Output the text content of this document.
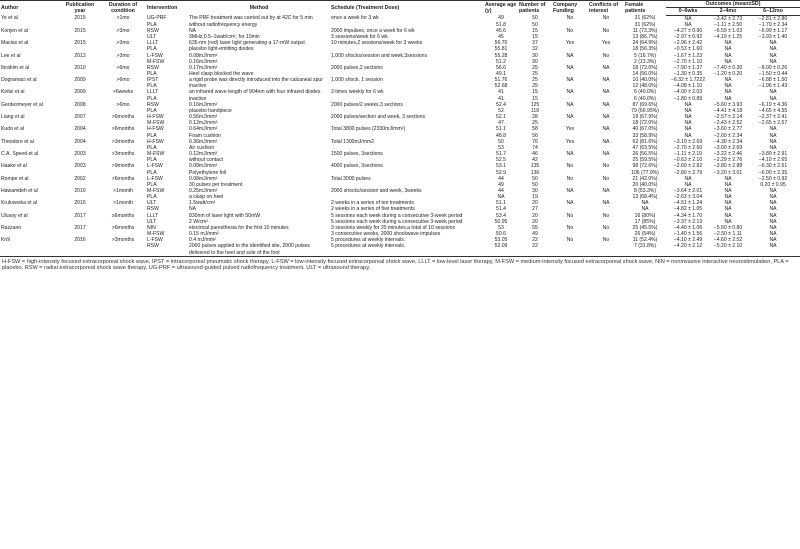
Author	Publication year	Duration of condition	Intervention	Method	Schedule (Treatment Dose)	Average age (y)	Number of patients	Company Funding	Conflicts of interest	Female patients	Outcomes (mean±SD)		
											0–6wks	2–4mo	6–12mo
Ye et al	2015	>1mo	UG-PRF	The PRF treatment was carried out by at 42C for 5 min	once a week for 3 wk	49	50	No	No	31 (62%)	NA	−3.42 ± 2.73	−2.81 ± 2.80
			PLA	without radiofrequency energy		51.8	50			31 (62%)	NA	−1.11 ± 2.50	−1.70 ± 2.34
Konjen et al	2015	>3mo	RSW	NA	2000 impulses, once a week for 6 wk	45.6	15	No	No	11 (73.3%)	−4.27 ± 0.90	−6.59 ± 1.03	−6.99 ± 1.17
			ULT	3MHz,0.5–1watt/cm², for 10min	3 sessions/week for 6 wk	45	15			13 (86.7%)	−2.97 ± 0.92	−4.19 ± 1.25	−3.93 ± 1.40
Macias et al	2015	>3mo	LLLT	635-nm (red) laser light generating a 17-mW output	10 minutes,2 sessions/week for 3 weeks	56.70	37	Yes	Yes	24 (64.9%)	−2.96 ± 2.42	NA	NA
			PLA	placebo light-emitting diodes		55.81	32			18 (56.3%)	−0.53 ± 1.60	NA	NA
Lee et al	2013	>3mo	L-FSW	0.08mJ/mm²	1,000 shocks/session and week,3sessions	55.28	30	NA	No	5 (16.7%)	−1.67 ± 1.23	NA	NA
			M-FSW	0.16mJ/mm²		51.2	30			2 (13.3%)	−2.70 ± 1.10	NA	NA
Ibrahim et al	2010	>6mo	RSW	0.17mJ/mm²	2000 pulses,2 sections	56.6	25	NA	NA	18 (72.0%)	−7.90 ± 1.37	−7.40 ± 0.30	−8.00 ± 0.26
			PLA	Heel clasp blocked the wave		49.1	25			14 (56.0%)	−1.30 ± 0.35	−1.20 ± 0.20	−1.50 ± 0.44
Dogramaci et al	2009	>6mo	IPST	a rigid probe was directly introduced into the calcaneal spur	1,000 shock, 1 session	51.76	25	NA	NA	10 (40.0%)	−6.32 ± 1.7222	NA	−6.88 ± 1.50
			PLA	inactive		52.68	25			12 (48.0%)	−4.08 ± 1.10	NA	−1.96 ± 1.43
Kiritsi et al	2009	>6weeks	LLLT	an infrared wave length of 904nm with four infrared diodes	3 times weekly for 6 wk	41	15	NA	NA	6 (40.0%)	−4.00 ± 2.03	NA	NA
			PLA	inactive		41	15			6 (40.0%)	−1.80 ± 0.89	NA	NA
Gerdesmeyer et al	2008	>6mo	RSW	0.16mJ/mm²	2000 pulses/2 weeks,3 sections	52.4	125	NA	NA	87 (69.6%)	NA	−5.60 ± 3.93	−6.19 ± 4.36
			PLA	placebo handpiece		52	118			79 (66.95%)	NA	−4.41 ± 4.18	−4.65 ± 4.55
Liang et al	2007	>6months	H-FSW	0.56mJ/mm²	2000 pulses/section and week, 3 sections	52.1	28	NA	NA	19 (67.9%)	NA	−2.57 ± 2.14	−2.37 ± 2.41
			M-FSW	0.12mJ/mm²		47	25			18 (72.0%)	NA	−2.43 ± 2.52	−2.65 ± 2.57
Kudo et al	2004	>6months	H-FSW	0.64mJ/mm²	Total 3800 pulses (2330mJ/mm²)	51.1	58	Yes	NA	40 (67.0%)	NA	−3.60 ± 2.77	NA
			PLA	Foam cushion		48.8	56			33 (58.9%)	NA	−2.60 ± 2.34	NA
Theodore et al	2004	>3months	H-FSW	0.36mJ/mm²	Total 1300mJ/mm2	50	76	Yes	NA	62 (81.6%)	−3.10 ± 2.69	−4.30 ± 2.34	NA
			PLA	Air cushion		53	74			47 (63.5%)	−2.70 ± 2.60	−3.60 ± 2.69	NA
C.A. Speed et al	2003	>3months	M-FSW	0.12mJ/mm²	1500 pulses, 3sections	51.7	46	NA	NA	26 (56.5%)	−1.11 ± 2.19	−3.22 ± 2.46	−3.89 ± 2.91
			PLA	without contact		52.5	42			25 (59.5%)	−0.63 ± 2.10	−2.29 ± 2.76	−4.10 ± 2.65
Haake et al	2003	>9months	L-FSW	0.08mJ/mm²	4000 pulses, 3sections	53.1	135	No	No	98 (72.6%)	−2.60 ± 2.82	−3.80 ± 2.88	−6.30 ± 2.51
			PLA	Polyethylene foil		52.9	136			106 (77.9%)	−2.80 ± 2.79	−3.20 ± 3.01	−6.00 ± 2.35
Rompe et al	2002	>6months	L-FSW	0.08mJ/mm²	Total 3000 pulses	44	50	No	No	21 (42.0%)	NA	NA	−2.50 ± 0.92
			PLA	30 pulses per treatment		49	50			20 (40.0%)	NA	NA	0.20 ± 0.95
Hawamdeh et al	2016	>1month	M-FSW	0.25mJ/mm²	2000 shocks/session and week, 3weeks	44	30	NA	NA	8 (53.3%)	−3.64 ± 2.01	NA	NA
			PLA	a clasp on heel		NA	19			13 (68.4%)	−2.63 ± 3.04	NA	NA
Krukowska et al	2016	>1month	ULT	1.5watt/cm²	2 weeks in a series of ten treatments	51.1	20	NA	NA	NA	−4.51 ± 1.24	NA	NA
			RSW	NA	2 weeks in a series of five treatments	51.4	27			NA	−4.82 ± 1.05	NA	NA
Ulusoy et al	2017	≥6months	LLLT	830nm of laser light with 50mW	5 sessions each week during a consecutive 3-week period	53.4	20	No	No	16 (80%)	−4.34 ± 1.70	NA	NA
			ULT	2 W/cm²	5 sessions each week during a consecutive 3-week period	50.95	20			17 (85%)	−3.37 ± 2.13	NA	NA
Razzano	2017	>6months	NIN	electrical paresthesia for the first 10 minutes	3 sessions weekly for 20 minutes,a total of 10 sessions	53	55	No	No	25 (45.5%)	−4.40 ± 1.06	−5.50 ± 0.80	NA
			M-FSW	0.15 mJ/mm²	3 consecutive weeks, 2000 shockwave impulses	50.6	49			26 (54%)	−1.40 ± 1.56	−2.50 ± 1.11	NA
Król	2016	>3months	L-FSW	0.4 mJ/mm²	5 procedures at weekly intervals.	53.05	22	No	No	11 (52.4%)	−4.10 ± 2.49	−4.60 ± 2.52	NA
			RSW	2000 pulses applied to the identified site, 2000 pulses delivered to the heel and sole of the foot	5 procedures at weekly intervals.	52.09	22			7 (31.8%)	−4.20 ± 2.12	−5.20 ± 2.10	NA
H-FSW = high-intensity focused extracorporeal shock wave, IPST = intracorporeal pneumatic shock therapy, L-FSW = low-intensity focused extracorporeal shock wave, LLLT = low-level laser therapy, M-FSW = medium-intensity focused extracorporeal shock wave, NIN = noninvasive interactive neurostimulation, PLA = placebo, RSW = radial extracorporeal shock wave therapy, UG-PRF = ultrasound-guided pulsed radiofrequency treatment, ULT = ultrasound therapy.
